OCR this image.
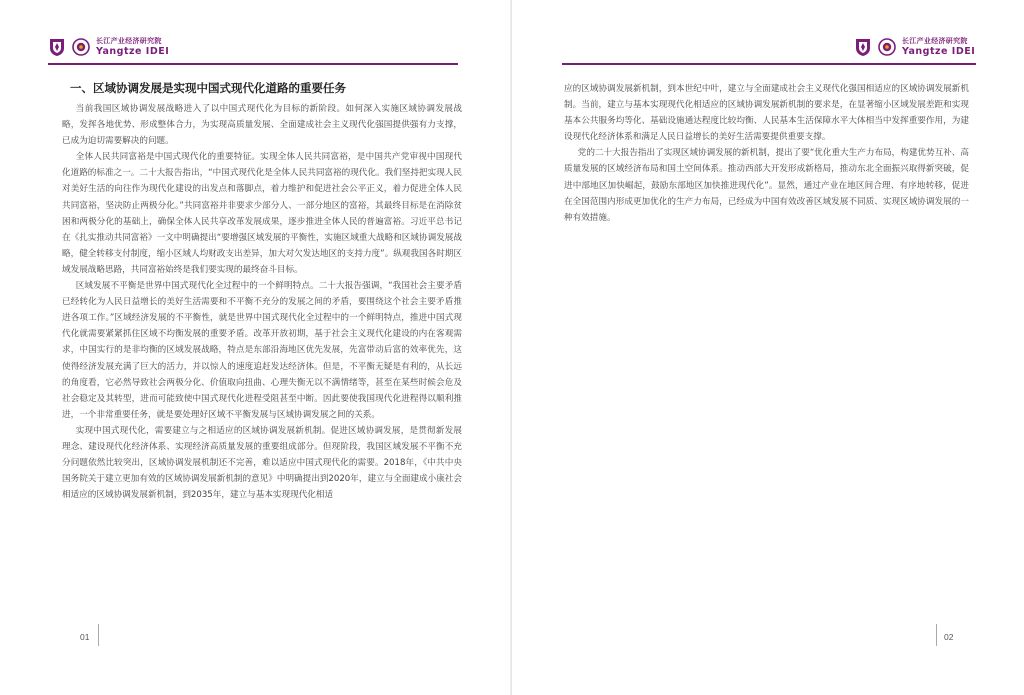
长江产业经济研究院
Yangtze IDEI
一、区域协调发展是实现中国式现代化道路的重要任务

当前我国区域协调发展战略进入了以中国式现代化为目标的新阶段。如何深入实施区域协调发展战略，发挥各地优势、形成整体合力，为实现高质量发展、全面建成社会主义现代化强国提供强有力支撑，已成为迫切需要解决的问题。

全体人民共同富裕是中国式现代化的重要特征。实现全体人民共同富裕，是中国共产党审视中国现代化道路的标准之一。二十大报告指出，“中国式现代化是全体人民共同富裕的现代化。我们坚持把实现人民对美好生活的向往作为现代化建设的出发点和落脚点，着力维护和促进社会公平正义，着力促进全体人民共同富裕，坚决防止两极分化。”共同富裕并非要求少部分人、一部分地区的富裕，其最终目标是在消除贫困和两极分化的基础上，确保全体人民共享改革发展成果，逐步推进全体人民的普遍富裕。习近平总书记在《扎实推动共同富裕》一文中明确提出“要增强区域发展的平衡性，实施区域重大战略和区域协调发展战略，健全转移支付制度，缩小区域人均财政支出差异，加大对欠发达地区的支持力度”。纵观我国各时期区域发展战略思路，共同富裕始终是我们要实现的最终奋斗目标。

区域发展不平衡是世界中国式现代化全过程中的一个鲜明特点。二十大报告强调，“我国社会主要矛盾已经转化为人民日益增长的美好生活需要和不平衡不充分的发展之间的矛盾，要围绕这个社会主要矛盾推进各项工作。”区域经济发展的不平衡性，就是世界中国式现代化全过程中的一个鲜明特点，推进中国式现代化就需要紧紧抓住区域不均衡发展的重要矛盾。改革开放初期，基于社会主义现代化建设的内在客观需求，中国实行的是非均衡的区域发展战略，特点是东部沿海地区优先发展，先富带动后富的效率优先，这使得经济发展充满了巨大的活力，并以惊人的速度追赶发达经济体。但是，不平衡无疑是有利的，从长远的角度看，它必然导致社会两极分化、价值取向扭曲、心理失衡无以不满情绪等，甚至在某些时候会危及社会稳定及其转型，进而可能致使中国式现代化进程受阻甚至中断。因此要使我国现代化进程得以顺利推进，一个非常重要任务，就是要处理好区域不平衡发展与区域协调发展之间的关系。

实现中国式现代化，需要建立与之相适应的区域协调发展新机制。促进区域协调发展，是贯彻新发展理念、建设现代化经济体系、实现经济高质量发展的重要组成部分。但现阶段，我国区域发展不平衡不充分问题依然比较突出，区域协调发展机制还不完善，难以适应中国式现代化的需要。2018年，《中共中央 国务院关于建立更加有效的区域协调发展新机制的意见》中明确提出到2020年，建立与全面建成小康社会相适应的区域协调发展新机制，到2035年，建立与基本实现现代化相适

01
长江产业经济研究院
Yangtze IDEI

应的区域协调发展新机制，到本世纪中叶，建立与全面建成社会主义现代化强国相适应的区域协调发展新机制。当前，建立与基本实现现代化相适应的区域协调发展新机制的要求是，在显著缩小区域发展差距和实现基本公共服务均等化、基础设施通达程度比较均衡、人民基本生活保障水平大体相当中发挥重要作用，为建设现代化经济体系和满足人民日益增长的美好生活需要提供重要支撑。

党的二十大报告指出了实现区域协调发展的新机制，提出了要“优化重大生产力布局，构建优势互补、高质量发展的区域经济布局和国土空间体系。推动西部大开发形成新格局，推动东北全面振兴取得新突破，促进中部地区加快崛起，鼓励东部地区加快推进现代化”。显然，通过产业在地区间合理、有序地转移，促进在全国范围内形成更加优化的生产力布局，已经成为中国有效改善区域发展不同质、实现区域协调发展的一种有效措施。

02
